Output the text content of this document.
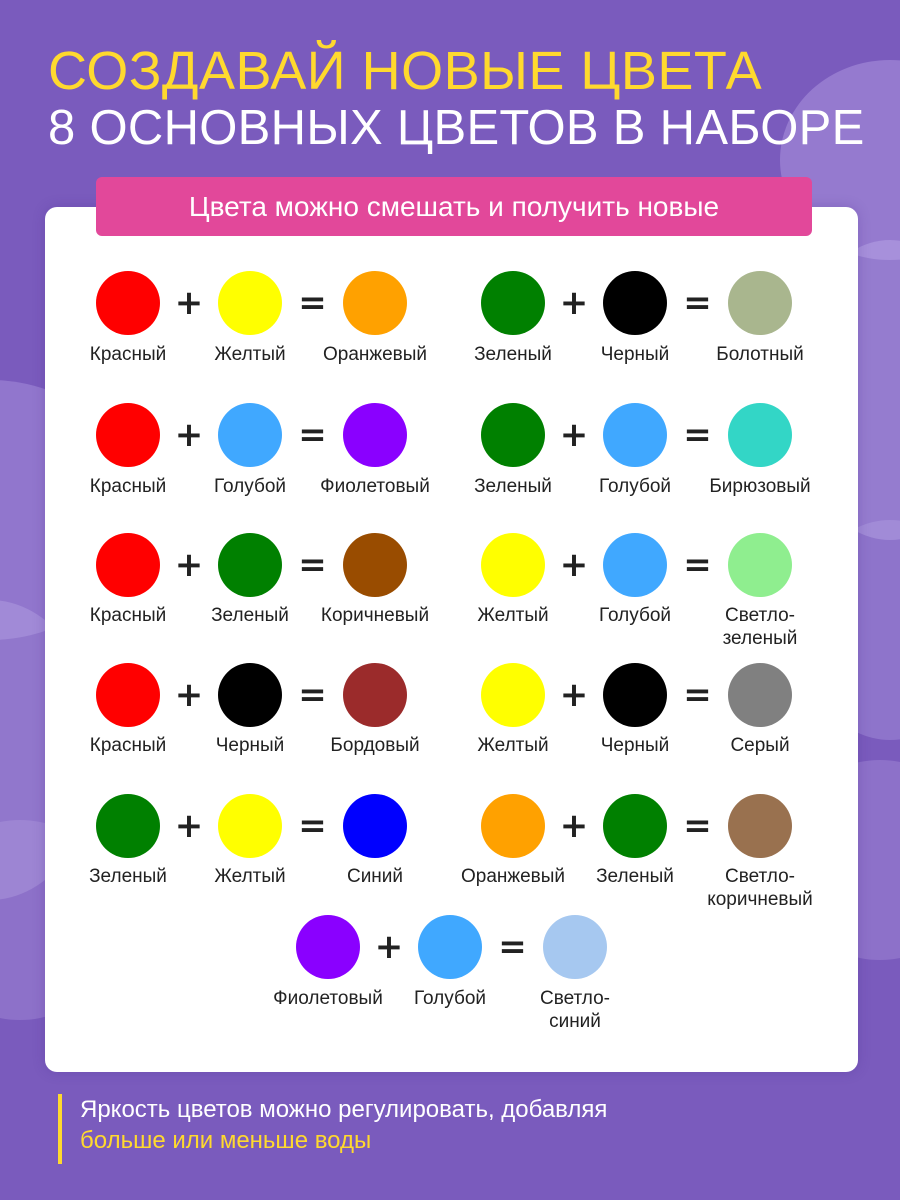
СОЗДАВАЙ НОВЫЕ ЦВЕТА
8 ОСНОВНЫХ ЦВЕТОВ В НАБОРЕ
Цвета можно смешать и получить новые
Красный	Желтый	Оранжевый
+	=
Зеленый	Черный	Болотный
+	=
Красный	Голубой	Фиолетовый
+	=
Зеленый	Голубой	Бирюзовый
+	=
Красный	Зеленый	Коричневый
+	=
Желтый	Голубой	Светло-
зеленый
+	=
Красный	Черный	Бордовый
+	=
Желтый	Черный	Серый
+	=
Зеленый	Желтый	Синий
+	=
Оранжевый	Зеленый	Светло-
коричневый
+	=
Фиолетовый	Голубой	Светло-
синий
+	=
Яркость цветов можно регулировать, добавляя
больше или меньше воды
